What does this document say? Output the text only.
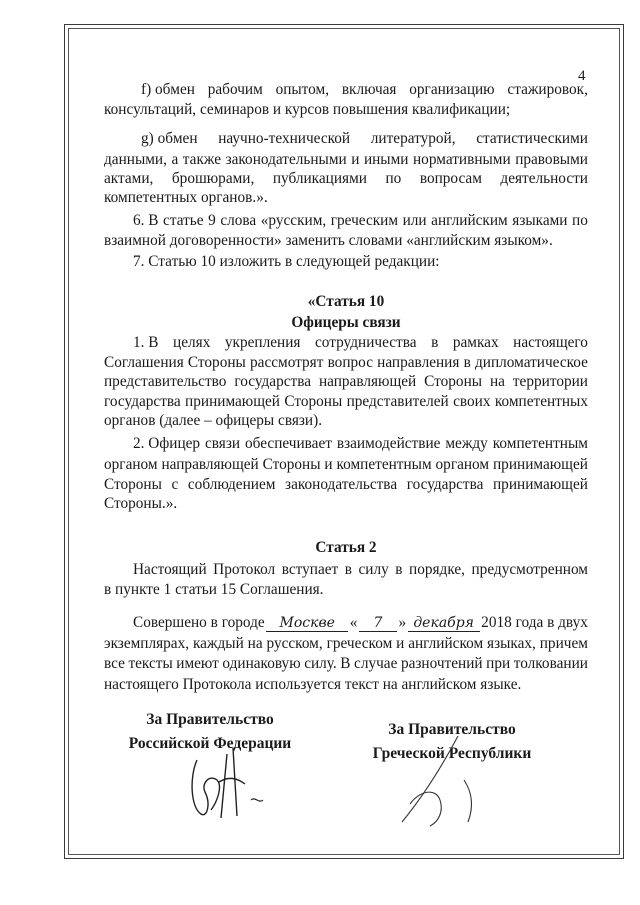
4
f) обмен рабочим опытом, включая организацию стажировок,
консультаций, семинаров и курсов повышения квалификации;
g) обмен научно-технической литературой, статистическими
данными, а также законодательными и иными нормативными правовыми
актами, брошюрами, публикациями по вопросам деятельности
компетентных органов.».
6. В статье 9 слова «русским, греческим или английским языками по
взаимной договоренности» заменить словами «английским языком».
7. Статью 10 изложить в следующей редакции:
«Статья 10
Офицеры связи
1. В целях укрепления сотрудничества в рамках настоящего
Соглашения Стороны рассмотрят вопрос направления в дипломатическое
представительство государства направляющей Стороны на территории
государства принимающей Стороны представителей своих компетентных
органов (далее – офицеры связи).
2. Офицер связи обеспечивает взаимодействие между компетентным
органом направляющей Стороны и компетентным органом принимающей
Стороны с соблюдением законодательства государства принимающей
Стороны.».
Статья 2
Настоящий Протокол вступает в силу в порядке, предусмотренном
в пункте 1 статьи 15 Соглашения.
Совершено в городе	Москве «	7	» декабря 2018 года в двух
экземплярах, каждый на русском, греческом и английском языках, причем
все тексты имеют одинаковую силу. В случае разночтений при толковании
настоящего Протокола используется текст на английском языке.
За Правительство
Российской Федерации
За Правительство
Греческой Республики
